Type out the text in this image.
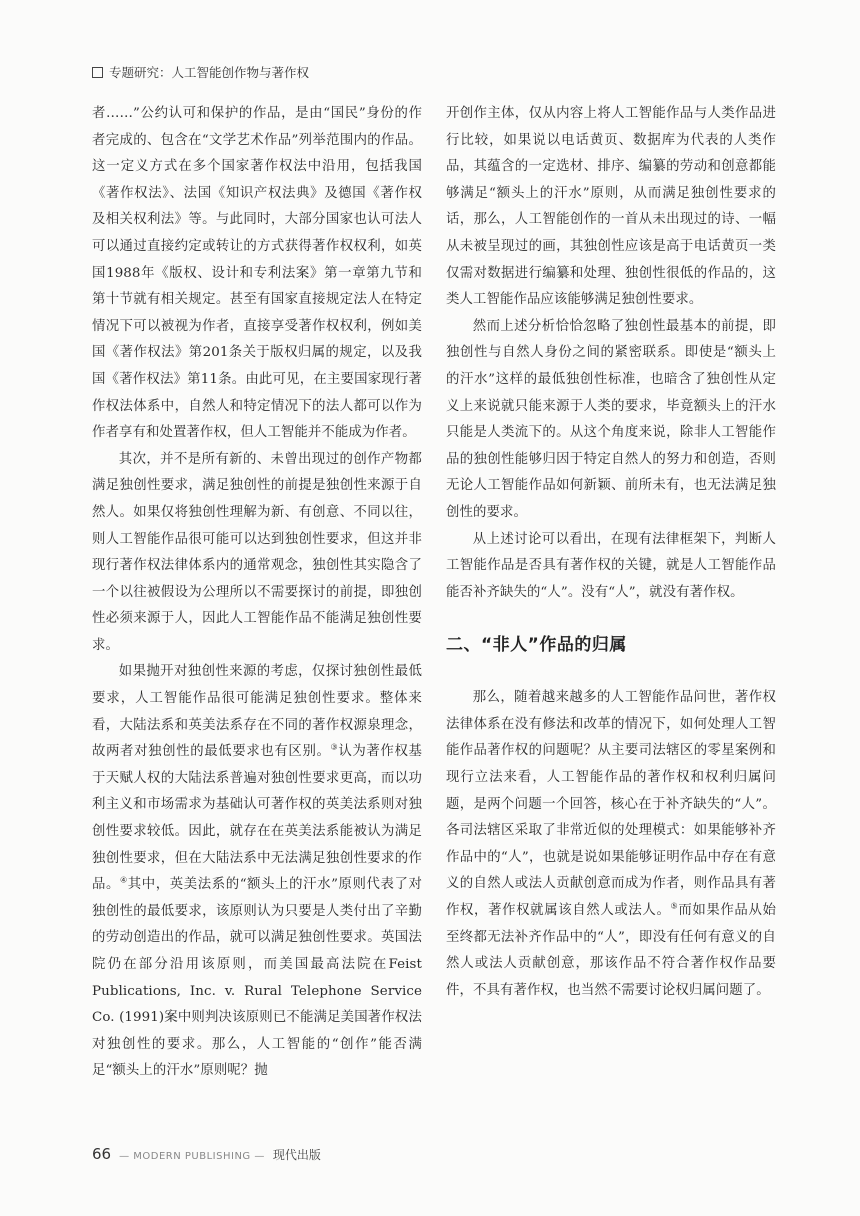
专题研究：人工智能创作物与著作权

者……”公约认可和保护的作品，是由“国民”身份的作者完成的、包含在“文学艺术作品”列举范围内的作品。这一定义方式在多个国家著作权法中沿用，包括我国《著作权法》、法国《知识产权法典》及德国《著作权及相关权利法》等。与此同时，大部分国家也认可法人可以通过直接约定或转让的方式获得著作权权利，如英国1988年《版权、设计和专利法案》第一章第九节和第十节就有相关规定。甚至有国家直接规定法人在特定情况下可以被视为作者，直接享受著作权权利，例如美国《著作权法》第201条关于版权归属的规定，以及我国《著作权法》第11条。由此可见，在主要国家现行著作权法体系中，自然人和特定情况下的法人都可以作为作者享有和处置著作权，但人工智能并不能成为作者。

其次，并不是所有新的、未曾出现过的创作产物都满足独创性要求，满足独创性的前提是独创性来源于自然人。如果仅将独创性理解为新、有创意、不同以往，则人工智能作品很可能可以达到独创性要求，但这并非现行著作权法律体系内的通常观念，独创性其实隐含了一个以往被假设为公理所以不需要探讨的前提，即独创性必须来源于人，因此人工智能作品不能满足独创性要求。

如果抛开对独创性来源的考虑，仅探讨独创性最低要求，人工智能作品很可能满足独创性要求。整体来看，大陆法系和英美法系存在不同的著作权源泉理念，故两者对独创性的最低要求也有区别。③认为著作权基于天赋人权的大陆法系普遍对独创性要求更高，而以功利主义和市场需求为基础认可著作权的英美法系则对独创性要求较低。因此，就存在在英美法系能被认为满足独创性要求，但在大陆法系中无法满足独创性要求的作品。④其中，英美法系的“额头上的汗水”原则代表了对独创性的最低要求，该原则认为只要是人类付出了辛勤的劳动创造出的作品，就可以满足独创性要求。英国法院仍在部分沿用该原则，而美国最高法院在Feist Publications, Inc. v. Rural Telephone Service Co. (1991)案中则判决该原则已不能满足美国著作权法对独创性的要求。那么，人工智能的“创作”能否满足“额头上的汗水”原则呢？抛

开创作主体，仅从内容上将人工智能作品与人类作品进行比较，如果说以电话黄页、数据库为代表的人类作品，其蕴含的一定选材、排序、编纂的劳动和创意都能够满足“额头上的汗水”原则，从而满足独创性要求的话，那么，人工智能创作的一首从未出现过的诗、一幅从未被呈现过的画，其独创性应该是高于电话黄页一类仅需对数据进行编纂和处理、独创性很低的作品的，这类人工智能作品应该能够满足独创性要求。

然而上述分析恰恰忽略了独创性最基本的前提，即独创性与自然人身份之间的紧密联系。即使是“额头上的汗水”这样的最低独创性标准，也暗含了独创性从定义上来说就只能来源于人类的要求，毕竟额头上的汗水只能是人类流下的。从这个角度来说，除非人工智能作品的独创性能够归因于特定自然人的努力和创造，否则无论人工智能作品如何新颖、前所未有，也无法满足独创性的要求。

从上述讨论可以看出，在现有法律框架下，判断人工智能作品是否具有著作权的关键，就是人工智能作品能否补齐缺失的“人”。没有“人”，就没有著作权。

二、“非人”作品的归属

那么，随着越来越多的人工智能作品问世，著作权法律体系在没有修法和改革的情况下，如何处理人工智能作品著作权的问题呢？从主要司法辖区的零星案例和现行立法来看，人工智能作品的著作权和权利归属问题，是两个问题一个回答，核心在于补齐缺失的“人”。各司法辖区采取了非常近似的处理模式：如果能够补齐作品中的“人”，也就是说如果能够证明作品中存在有意义的自然人或法人贡献创意而成为作者，则作品具有著作权，著作权就属该自然人或法人。⑤而如果作品从始至终都无法补齐作品中的“人”，即没有任何有意义的自然人或法人贡献创意，那该作品不符合著作权作品要件，不具有著作权，也当然不需要讨论权归属问题了。

66 — MODERN PUBLISHING — 现代出版
